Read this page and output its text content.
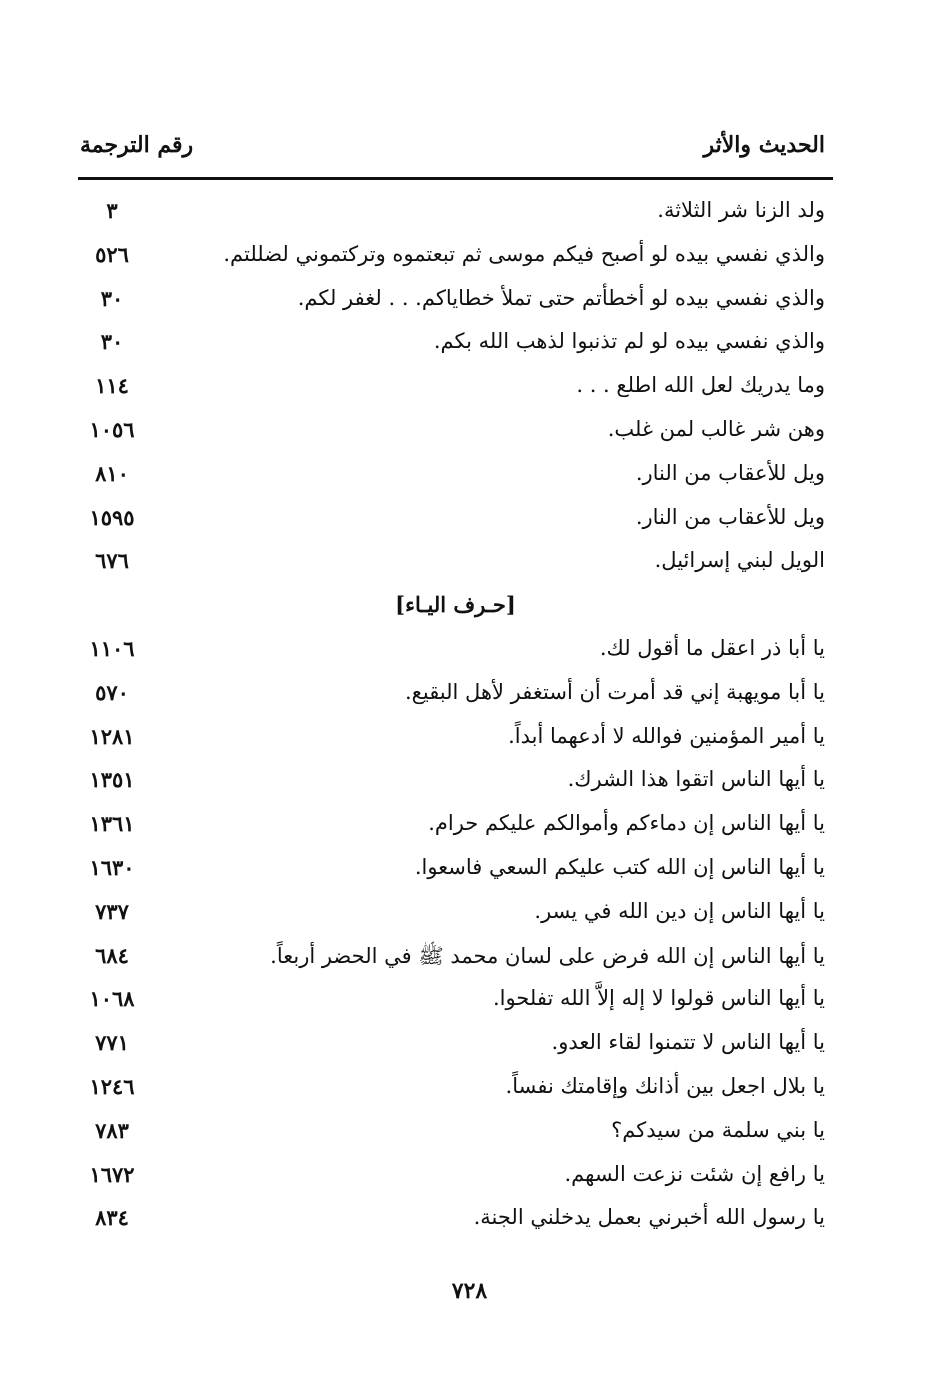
الحديث والأثر
رقم الترجمة
ولد الزنا شر الثلاثة.
٣
والذي نفسي بيده لو أصبح فيكم موسى ثم تبعتموه وتركتموني لضللتم.
٥٢٦
والذي نفسي بيده لو أخطأتم حتى تملأ خطاياكم. . . لغفر لكم.
٣٠
والذي نفسي بيده لو لم تذنبوا لذهب الله بكم.
٣٠
وما يدريك لعل الله اطلع . . .
١١٤
وهن شر غالب لمن غلب.
١٠٥٦
ويل للأعقاب من النار.
٨١٠
ويل للأعقاب من النار.
١٥٩٥
الويل لبني إسرائيل.
٦٧٦
[حـرف اليـاء]
يا أبا ذر اعقل ما أقول لك.
١١٠٦
يا أبا مويهبة إني قد أمرت أن أستغفر لأهل البقيع.
٥٧٠
يا أمير المؤمنين فوالله لا أدعهما أبداً.
١٢٨١
يا أيها الناس اتقوا هذا الشرك.
١٣٥١
يا أيها الناس إن دماءكم وأموالكم عليكم حرام.
١٣٦١
يا أيها الناس إن الله كتب عليكم السعي فاسعوا.
١٦٣٠
يا أيها الناس إن دين الله في يسر.
٧٣٧
يا أيها الناس إن الله فرض على لسان محمد ﷺ في الحضر أربعاً.
٦٨٤
يا أيها الناس قولوا لا إله إلاَّ الله تفلحوا.
١٠٦٨
يا أيها الناس لا تتمنوا لقاء العدو.
٧٧١
يا بلال اجعل بين أذانك وإقامتك نفساً.
١٢٤٦
يا بني سلمة من سيدكم؟
٧٨٣
يا رافع إن شئت نزعت السهم.
١٦٧٢
يا رسول الله أخبرني بعمل يدخلني الجنة.
٨٣٤
٧٢٨
